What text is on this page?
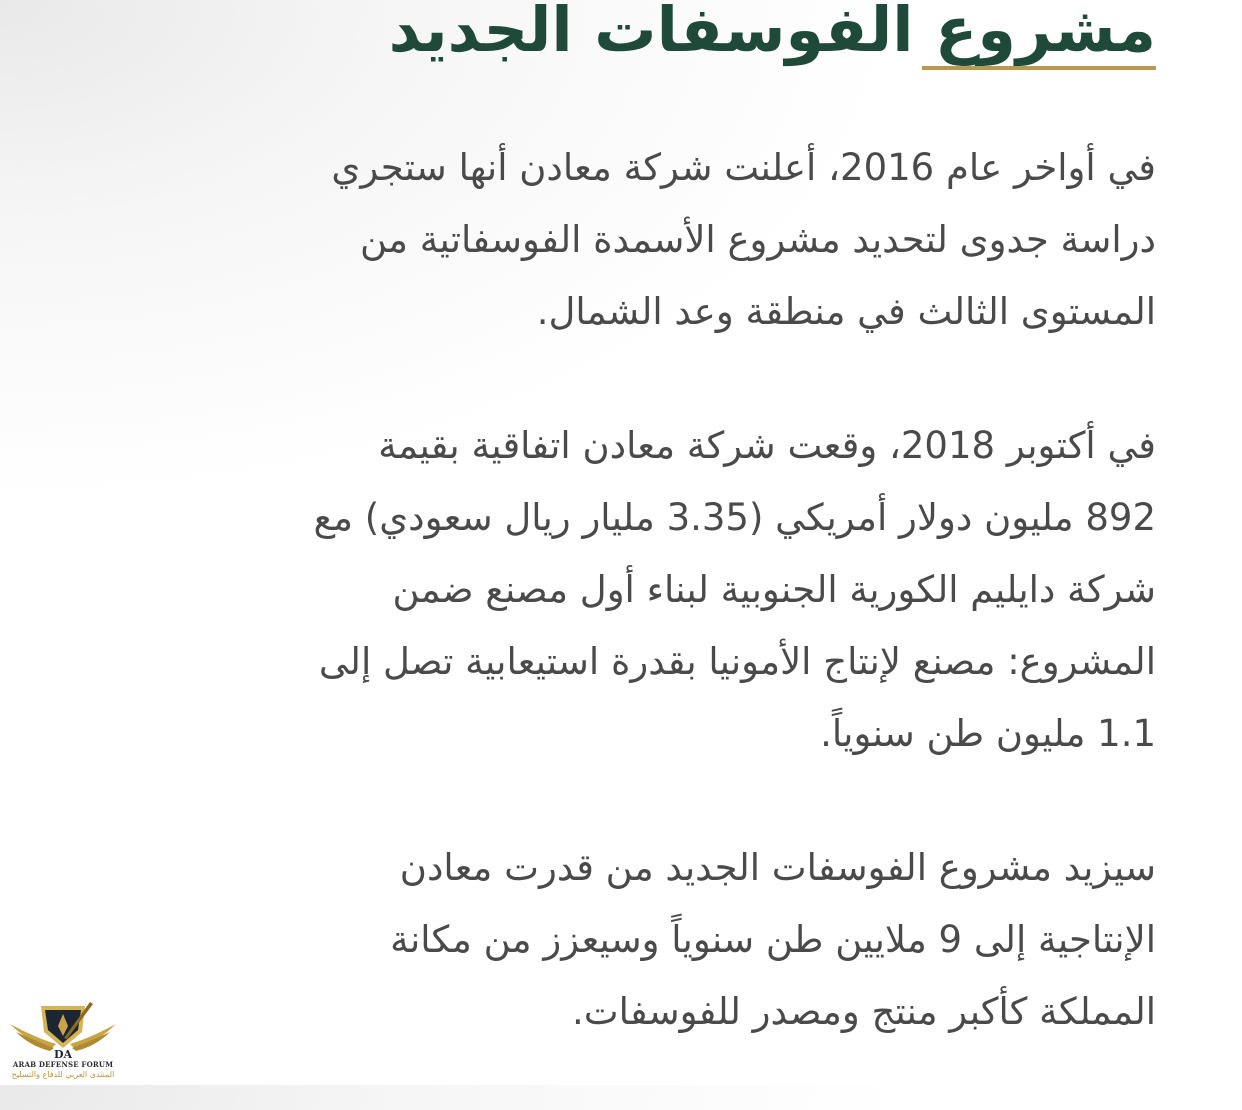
مشروع الفوسفات الجديد

في أواخر عام 2016، أعلنت شركة معادن أنها ستجري
دراسة جدوى لتحديد مشروع الأسمدة الفوسفاتية من
المستوى الثالث في منطقة وعد الشمال.

في أكتوبر 2018، وقعت شركة معادن اتفاقية بقيمة
892 مليون دولار أمريكي (3.35 مليار ريال سعودي) مع
شركة دايليم الكورية الجنوبية لبناء أول مصنع ضمن
المشروع: مصنع لإنتاج الأمونيا بقدرة استيعابية تصل إلى
1.1 مليون طن سنوياً.

سيزيد مشروع الفوسفات الجديد من قدرت معادن
الإنتاجية إلى 9 ملايين طن سنوياً وسيعزز من مكانة
المملكة كأكبر منتج ومصدر للفوسفات.

DA
ARAB DEFENSE FORUM
المنتدى العربي للدفاع والتسليح
